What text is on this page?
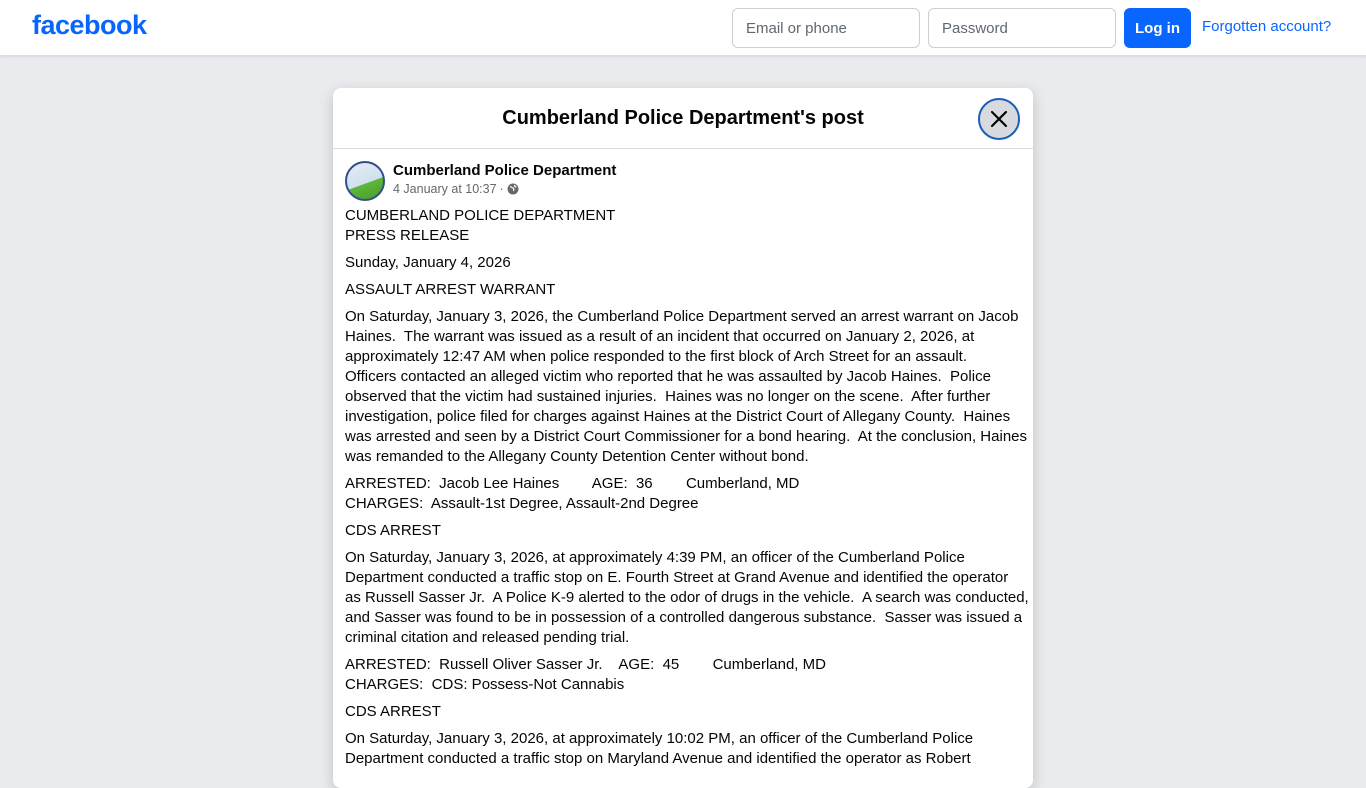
facebook
Email or phone	Log in	Forgotten account?
Cumberland Police Department's post
Cumberland Police Department
4 January at 10:37 ·
CUMBERLAND POLICE DEPARTMENT
PRESS RELEASE
Sunday, January 4, 2026
ASSAULT ARREST WARRANT
On Saturday, January 3, 2026, the Cumberland Police Department served an arrest warrant on Jacob
Haines.  The warrant was issued as a result of an incident that occurred on January 2, 2026, at
approximately 12:47 AM when police responded to the first block of Arch Street for an assault.
Officers contacted an alleged victim who reported that he was assaulted by Jacob Haines.  Police
observed that the victim had sustained injuries.  Haines was no longer on the scene.  After further
investigation, police filed for charges against Haines at the District Court of Allegany County.  Haines
was arrested and seen by a District Court Commissioner for a bond hearing.  At the conclusion, Haines
was remanded to the Allegany County Detention Center without bond.
ARRESTED:  Jacob Lee Haines        AGE:  36        Cumberland, MD
CHARGES:  Assault-1st Degree, Assault-2nd Degree
CDS ARREST
On Saturday, January 3, 2026, at approximately 4:39 PM, an officer of the Cumberland Police
Department conducted a traffic stop on E. Fourth Street at Grand Avenue and identified the operator
as Russell Sasser Jr.  A Police K-9 alerted to the odor of drugs in the vehicle.  A search was conducted,
and Sasser was found to be in possession of a controlled dangerous substance.  Sasser was issued a
criminal citation and released pending trial.
ARRESTED:  Russell Oliver Sasser Jr.    AGE:  45        Cumberland, MD
CHARGES:  CDS: Possess-Not Cannabis
CDS ARREST
On Saturday, January 3, 2026, at approximately 10:02 PM, an officer of the Cumberland Police
Department conducted a traffic stop on Maryland Avenue and identified the operator as Robert
